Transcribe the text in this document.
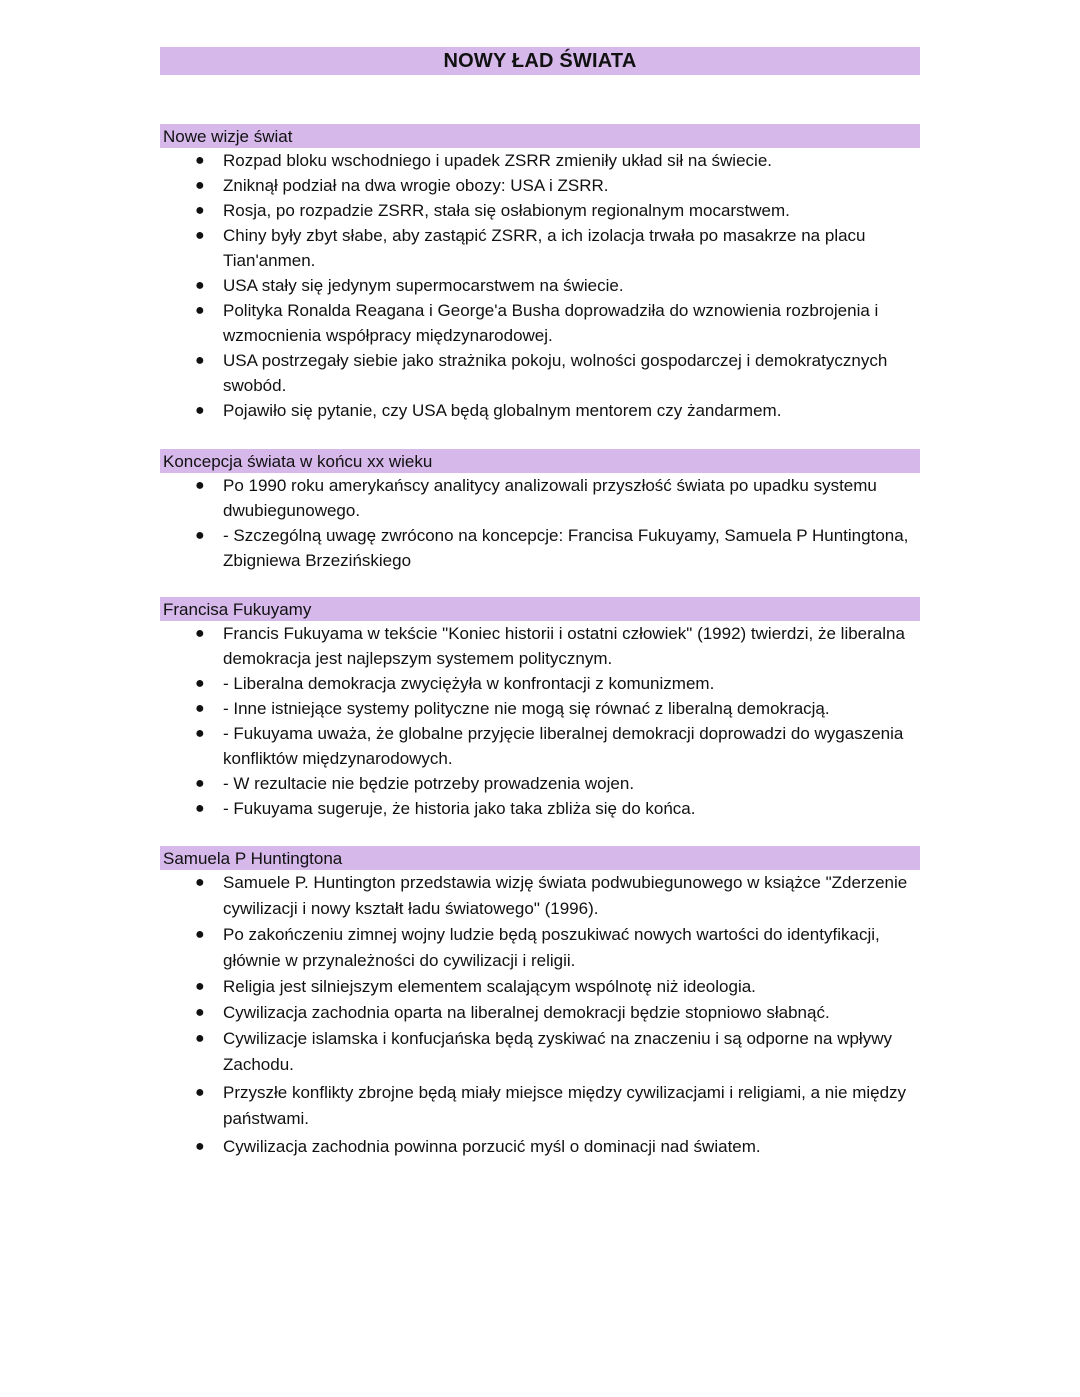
NOWY ŁAD ŚWIATA
Nowe wizje świat
● Rozpad bloku wschodniego i upadek ZSRR zmieniły układ sił na świecie.
● Zniknął podział na dwa wrogie obozy: USA i ZSRR.
● Rosja, po rozpadzie ZSRR, stała się osłabionym regionalnym mocarstwem.
● Chiny były zbyt słabe, aby zastąpić ZSRR, a ich izolacja trwała po masakrze na placu Tian'anmen.
● USA stały się jedynym supermocarstwem na świecie.
● Polityka Ronalda Reagana i George'a Busha doprowadziła do wznowienia rozbrojenia i wzmocnienia współpracy międzynarodowej.
● USA postrzegały siebie jako strażnika pokoju, wolności gospodarczej i demokratycznych swobód.
● Pojawiło się pytanie, czy USA będą globalnym mentorem czy żandarmem.
Koncepcja świata w końcu xx wieku
● Po 1990 roku amerykańscy analitycy analizowali przyszłość świata po upadku systemu dwubiegunowego.
● - Szczególną uwagę zwrócono na koncepcje: Francisa Fukuyamy, Samuela P Huntingtona, Zbigniewa Brzezińskiego
Francisa Fukuyamy
● Francis Fukuyama w tekście "Koniec historii i ostatni człowiek" (1992) twierdzi, że liberalna demokracja jest najlepszym systemem politycznym.
● - Liberalna demokracja zwyciężyła w konfrontacji z komunizmem.
● - Inne istniejące systemy polityczne nie mogą się równać z liberalną demokracją.
● - Fukuyama uważa, że globalne przyjęcie liberalnej demokracji doprowadzi do wygaszenia konfliktów międzynarodowych.
● - W rezultacie nie będzie potrzeby prowadzenia wojen.
● - Fukuyama sugeruje, że historia jako taka zbliża się do końca.
Samuela P Huntingtona
● Samuele P. Huntington przedstawia wizję świata podwubiegunowego w książce "Zderzenie cywilizacji i nowy kształt ładu światowego" (1996).
● Po zakończeniu zimnej wojny ludzie będą poszukiwać nowych wartości do identyfikacji, głównie w przynależności do cywilizacji i religii.
● Religia jest silniejszym elementem scalającym wspólnotę niż ideologia.
● Cywilizacja zachodnia oparta na liberalnej demokracji będzie stopniowo słabnąć.
● Cywilizacje islamska i konfucjańska będą zyskiwać na znaczeniu i są odporne na wpływy Zachodu.
● Przyszłe konflikty zbrojne będą miały miejsce między cywilizacjami i religiami, a nie między państwami.
● Cywilizacja zachodnia powinna porzucić myśl o dominacji nad światem.
